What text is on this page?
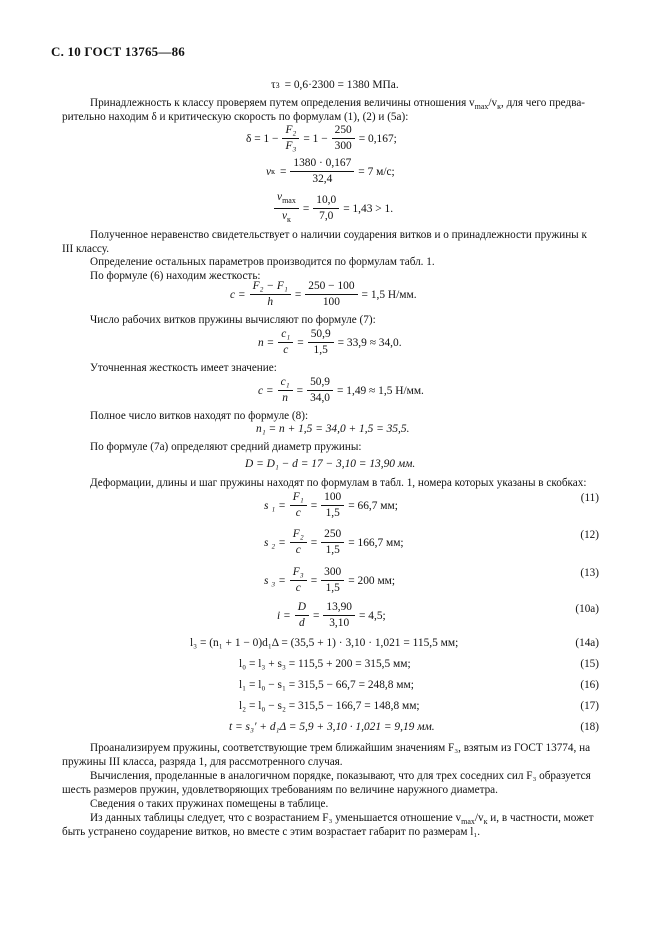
С. 10 ГОСТ 13765—86
τ 3 = 0,6·2300 = 1380 МПа.
Принадлежность к классу проверяем путем определения величины отношения $v_{max}/v_к$, для чего предва-
рительно находим δ и критическую скорость по формулам (1), (2) и (5а):
$\delta = 1 - \frac{\text{F₂}}{\text{F₃}} = 1 - \frac{250}{300} = 0,167$;
v $к = \frac{1380 \cdot 0,167}{32,4} = 7$ м/с;
$v_{max}$
$v_к$
= $\frac{10,0}{7,0} = 1,43 > 1$.
Полученное неравенство свидетельствует о наличии соударения витков и о принадлежности пружины к
III классу.
Определение остальных параметров производится по формулам табл. 1.
По формуле (6) находим жесткость:
$c = \frac{\text{F₂ − F₁}}{h} = \frac{250 - 100}{100} = 1,5$ Н/мм.
Число рабочих витков пружины вычисляют по формуле (7):
$n = \frac{\text{c₁}}{c} = \frac{50,9}{1,5} = 33,9 \approx 34,0$.
Уточненная жесткость имеет значение:
$c = \frac{\text{c₁}}{n} = \frac{50,9}{34,0} = 1,49 \approx 1,5$ Н/мм.
Полное число витков находят по формуле (8):
n₁ = n + 1,5 = 34,0 + 1,5 = 35,5.
По формуле (7а) определяют средний диаметр пружины:
D = D₁ − d = 17 − 3,10 = 13,90 мм.
Деформации, длины и шаг пружины находят по формулам в табл. 1, номера которых указаны в скобках:
s $_1 = \frac{\text{F₁}}{c} = \frac{100}{1,5} = 66,7$ мм;
(11)
s $_2 = \frac{\text{F₂}}{c} = \frac{250}{1,5} = 166,7$ мм;
(12)
s $_3 = \frac{\text{F₃}}{c} = \frac{300}{1,5} = 200$ мм;
(13)
$i = \frac{D}{d} = \frac{13,90}{3,10} = 4,5$;
(10а)
l₃ = (n₁ + 1 − 0)d₁Δ = (35,5 + 1) · 3,10 · 1,021 = 115,5 мм;	(14а)
l₀ = l₃ + s₃ = 115,5 + 200 = 315,5 мм;	(15)
l₁ = l₀ − s₁ = 315,5 − 66,7 = 248,8 мм;	(16)
l₂ = l₀ − s₂ = 315,5 − 166,7 = 148,8 мм;	(17)
t = s₃′ + d₁Δ = 5,9 + 3,10 · 1,021 = 9,19 мм.	(18)
Проанализируем пружины, соответствующие трем ближайшим значениям F₃, взятым из ГОСТ 13774, на
пружины III класса, разряда 1, для рассмотренного случая.
Вычисления, проделанные в аналогичном порядке, показывают, что для трех соседних сил F₃ образуется
шесть размеров пружин, удовлетворяющих требованиям по величине наружного диаметра.
Сведения о таких пружинах помещены в таблице.
Из данных таблицы следует, что с возрастанием F₃ уменьшается отношение $v_{max}/v_к$ и, в частности, может
быть устранено соударение витков, но вместе с этим возрастает габарит по размерам l₁.
